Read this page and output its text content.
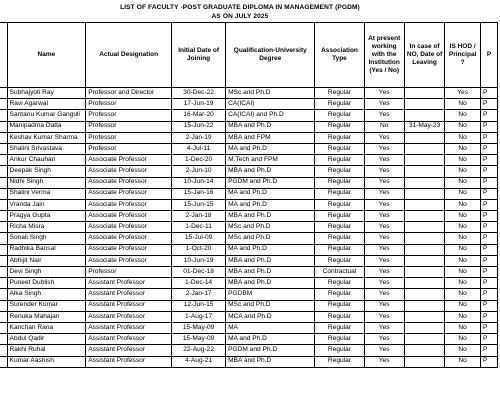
LIST OF FACULTY -POST GRADUATE DIPLOMA IN MANAGEMENT (PGDM)
AS ON JULY 2025
	Name	Actual Designation	Initial Date of Joining	Qualification-University Degree	Association Type	At present working with the Institution (Yes / No)	In case of NO, Date of Leaving	IS HOD / Principal ?	P
	Subhajyoti Ray	Professor and Director	30-Dec-22	MSc and Ph.D	Regular	Yes		Yes	P
	Ravi Agarwal	Professor	17-Jun-19	CA(ICAI)	Regular	Yes		No	P
	Santanu Kumar Ganguli	Professor	16-Mar-20	CA(ICAI) and Ph.D	Regular	Yes		No	P
	Manipadma Datta	Professor	15-Jun-22	MBA and Ph.D	Regular	No	31-May-23	No	P
	Keshav Kumar Sharma	Professor	2-Jan-19	MBA and FPM	Regular	Yes		No	P
	Shalini Srivastava	Professor	4-Jul-11	MA and Ph.D	Regular	Yes		No	P
	Ankur Chauhan	Associate Professor	1-Dec-20	M.Tech and FPM	Regular	Yes		No	P
	Deepak Singh	Associate Professor	2-Jun-10	MBA and Ph.D	Regular	Yes		No	P
	Nidhi Singh	Associate Professor	10-Jun-14	PGDM and Ph.D	Regular	Yes		No	P
	Shalini Verma	Associate Professor	15-Jan-16	MA and Ph.D	Regular	Yes		No	P
	Vranda Jain	Associate Professor	15-Jun-15	MA and Ph.D	Regular	Yes		No	P
	Pragya Gupta	Associate Professor	2-Jan-18	MBA and Ph.D	Regular	Yes		No	P
	Richa Misra	Associate Professor	1-Dec-11	MSc and Ph.D	Regular	Yes		No	P
	Sonali Singh	Associate Professor	15-Jul-09	MSc and Ph.D	Regular	Yes		No	P
	Radhika Bansal	Associate Professor	1-Oct-20	MA and Ph.D	Regular	Yes		No	P
	Abhijit Nair	Associate Professor	10-Jun-19	MBA and Ph.D	Regular	Yes		No	P
	Devi Singh	Professor	01-Dec-18	MBA and Ph.D	Contractual	Yes		No	P
	Puneet Dublish	Assistant Professor	1-Dec-14	MBA and Ph.D	Regular	Yes		No	P
	Alka Singh	Assistant Professor	2-Jan-17	PGDBM	Regular	Yes		No	P
	Surender Kumar	Assistant Professor	12-Jun-15	MSc and Ph.D	Regular	Yes		No	P
	Renuka Mahajan	Assistant Professor	1-Aug-17	MCA and Ph.D	Regular	Yes		No	P
	Kanchan Rana	Assistant Professor	15-May-09	MA	Regular	Yes		No	P
	Abdul Qadir	Assistant Professor	15-May-09	MA and Ph.D	Regular	Yes		No	P
	Rakhi Ruhal	Assistant Professor	22-Aug-22	PGDM and Ph.D	Regular	Yes		No	P
	Kumar Aashish	Assistant Professor	4-Aug-21	MBA and Ph.D	Regular	Yes		No	P
